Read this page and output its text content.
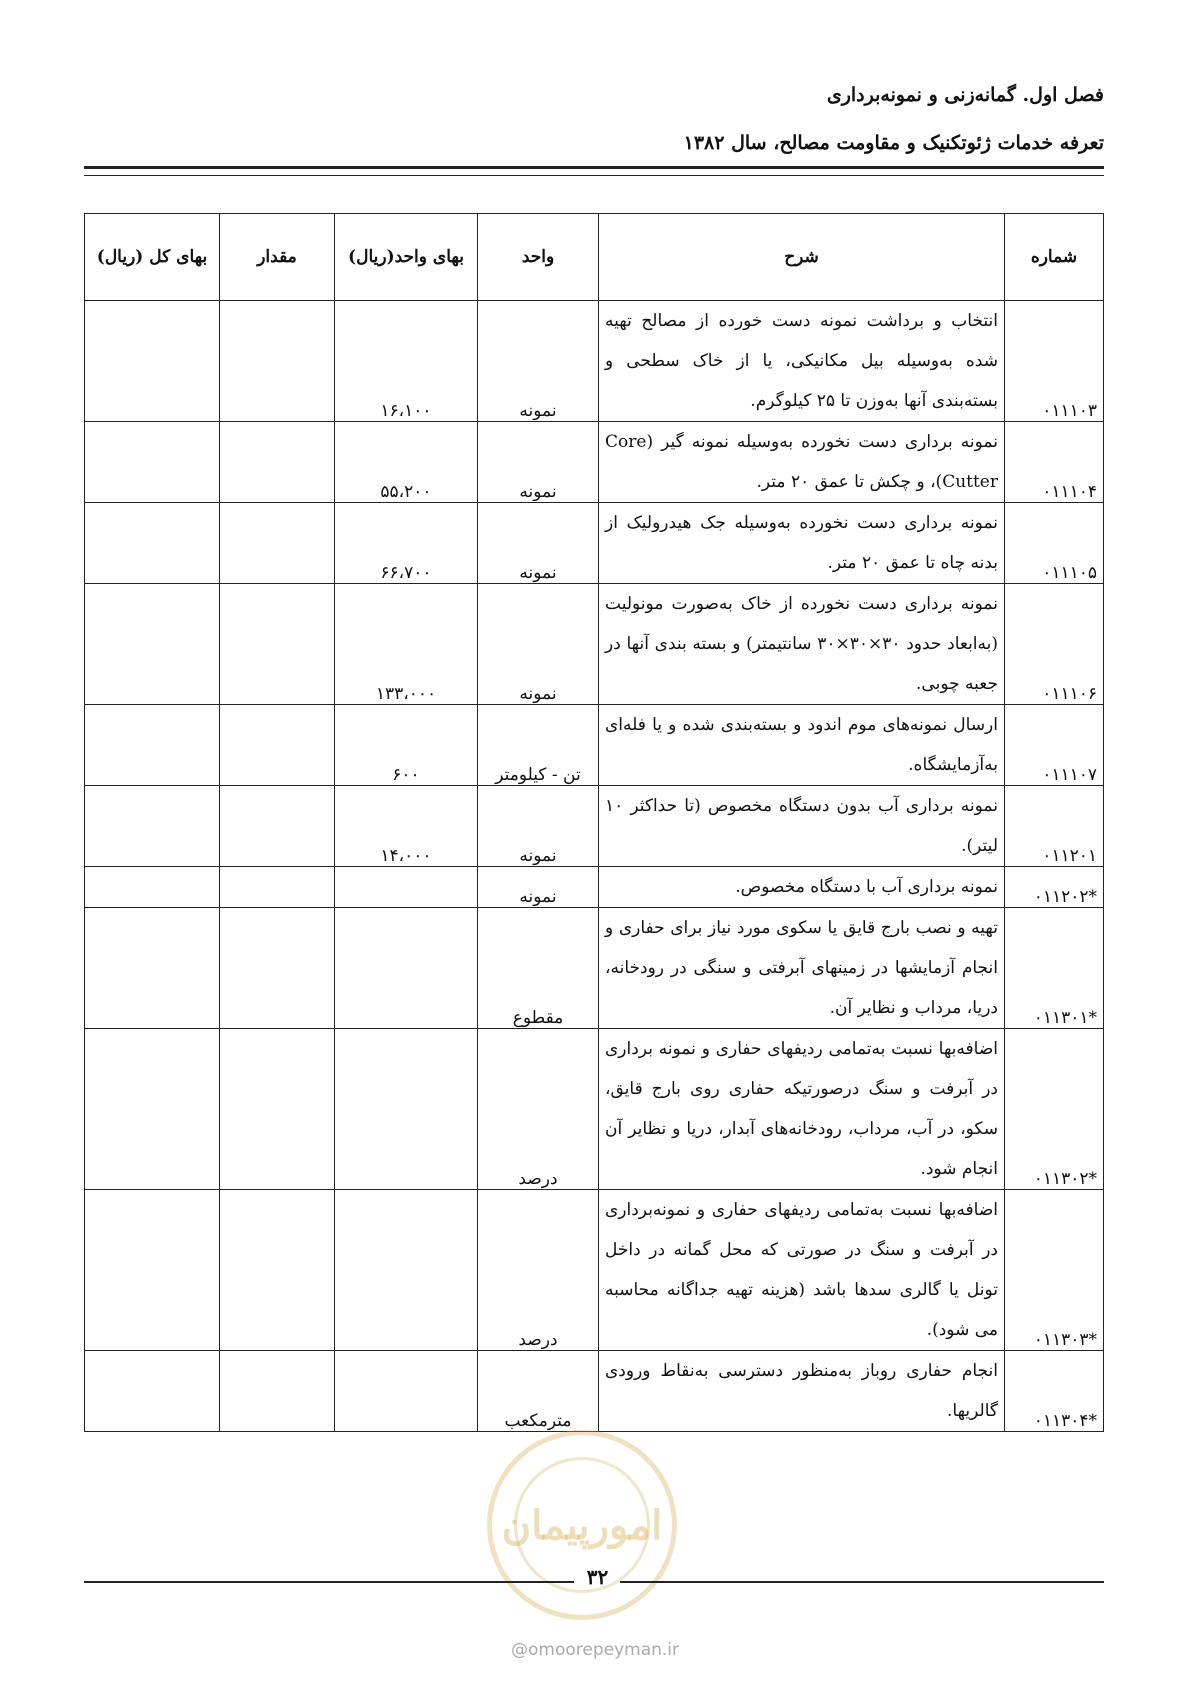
فصل اول. گمانه‌زنی و نمونه‌برداری
تعرفه خدمات ژئوتکنیک و مقاومت مصالح، سال ۱۳۸۲
شماره	شرح	واحد	بهای واحد(ریال)	مقدار	بهای کل (ریال)
۰۱۱۱۰۳	انتخاب و برداشت نمونه دست خورده از مصالح تهیه شده به‌وسیله بیل مکانیکی، یا از خاک سطحی و بسته‌بندی آنها به‌وزن تا ۲۵ کیلوگرم.	نمونه	۱۶،۱۰۰		
۰۱۱۱۰۴	نمونه برداری دست نخورده به‌وسیله نمونه گیر (Core Cutter)، و چکش تا عمق ۲۰ متر.	نمونه	۵۵،۲۰۰		
۰۱۱۱۰۵	نمونه برداری دست نخورده به‌وسیله جک هیدرولیک از بدنه چاه تا عمق ۲۰ متر.	نمونه	۶۶،۷۰۰		
۰۱۱۱۰۶	نمونه برداری دست نخورده از خاک به‌صورت مونولیت (به‌ابعاد حدود ۳۰×۳۰×۳۰ سانتیمتر) و بسته بندی آنها در جعبه چوبی.	نمونه	۱۳۳،۰۰۰		
۰۱۱۱۰۷	ارسال نمونه‌های موم اندود و بسته‌بندی شده و یا فله‌ای به‌آزمایشگاه.	تن - کیلومتر	۶۰۰		
۰۱۱۲۰۱	نمونه برداری آب بدون دستگاه مخصوص (تا حداکثر ۱۰ لیتر).	نمونه	۱۴،۰۰۰		
*۰۱۱۲۰۲	نمونه برداری آب با دستگاه مخصوص.	نمونه			
*۰۱۱۳۰۱	تهیه و نصب بارج قایق یا سکوی مورد نیاز برای حفاری و انجام آزمایشها در زمینهای آبرفتی و سنگی در رودخانه، دریا، مرداب و نظایر آن.	مقطوع			
*۰۱۱۳۰۲	اضافه‌بها نسبت به‌تمامی ردیفهای حفاری و نمونه برداری در آبرفت و سنگ درصورتیکه حفاری روی بارج قایق، سکو، در آب، مرداب، رودخانه‌های آبدار، دریا و نظایر آن انجام شود.	درصد			
*۰۱۱۳۰۳	اضافه‌بها نسبت به‌تمامی ردیفهای حفاری و نمونه‌برداری در آبرفت و سنگ در صورتی که محل گمانه در داخل تونل یا گالری سدها باشد (هزینه تهیه جداگانه محاسبه می شود).	درصد			
*۰۱۱۳۰۴	انجام حفاری روباز به‌منظور دسترسی به‌نقاط ورودی گالریها.	مترمکعب			
امورپیمان
۳۲
@omoorepeyman.ir
